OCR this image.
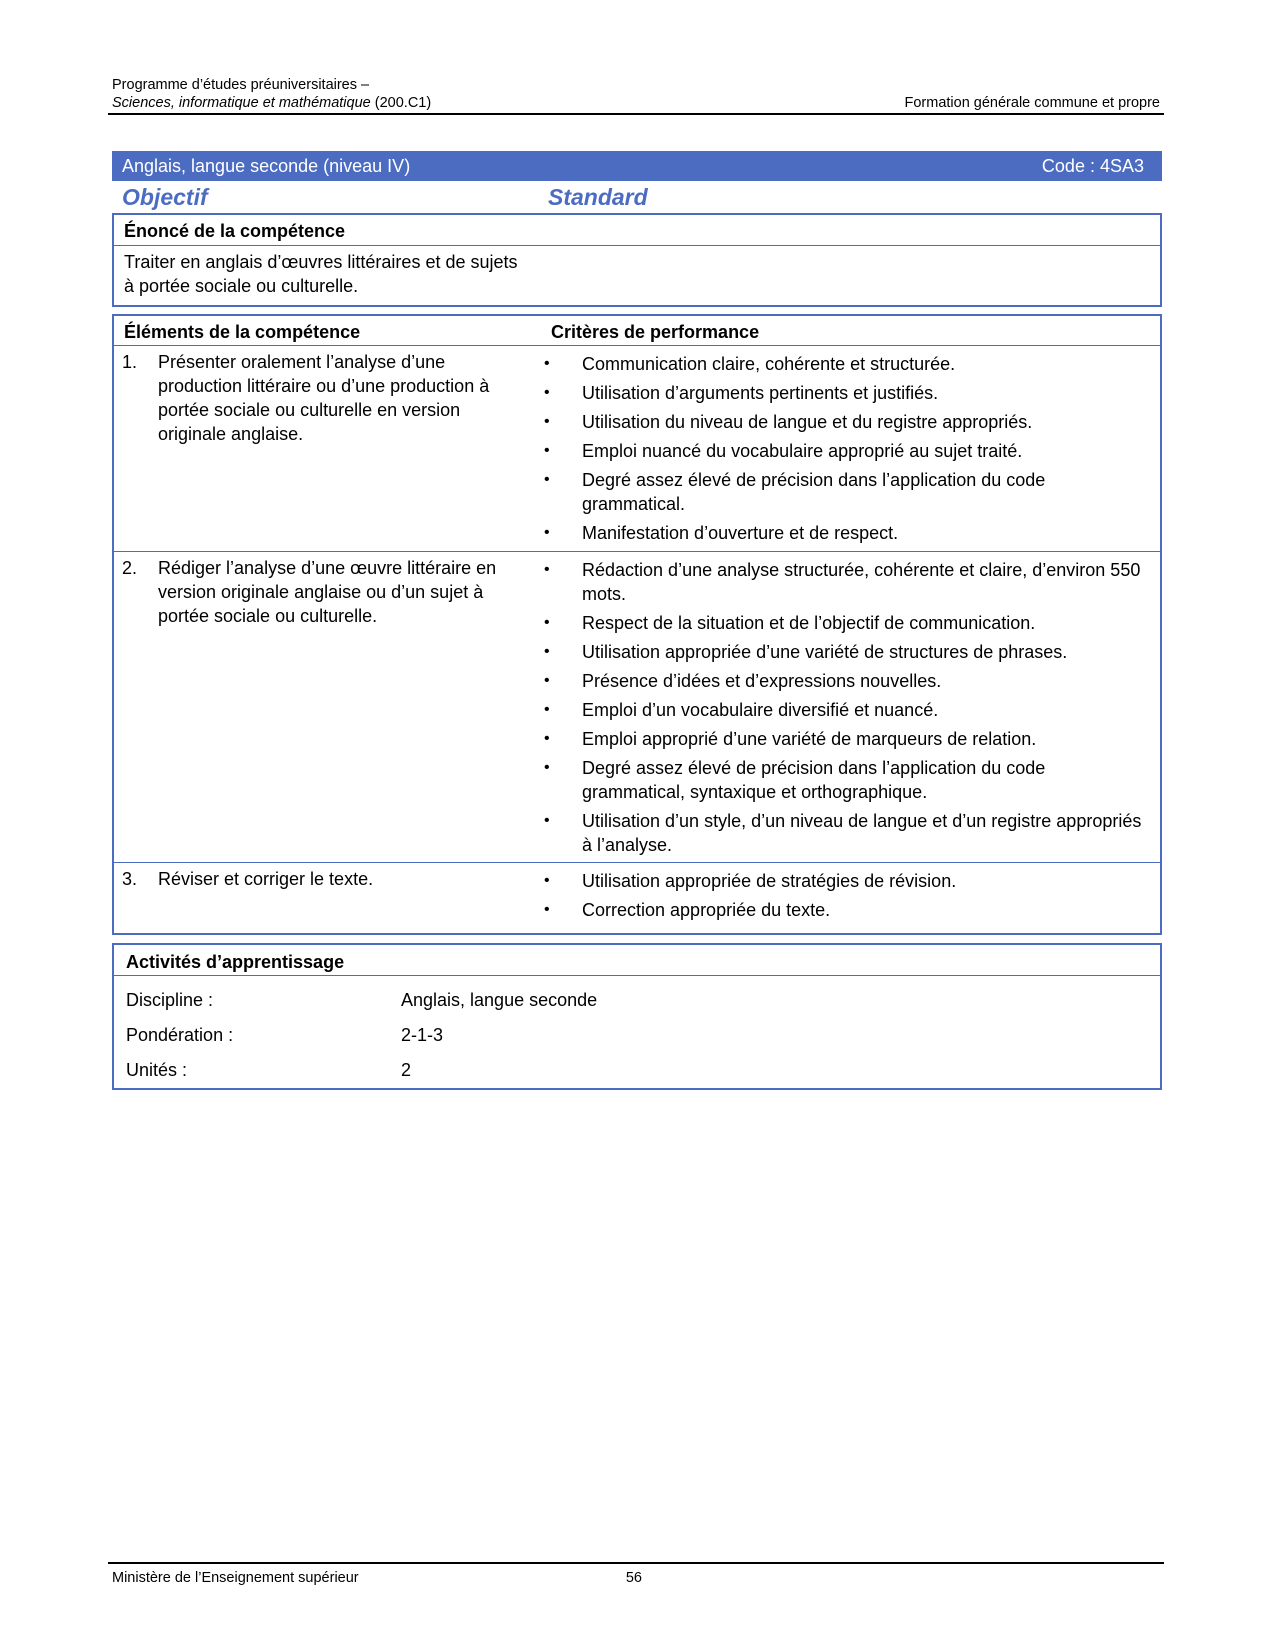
Programme d’études préuniversitaires –
Sciences, informatique et mathématique (200.C1)	Formation générale commune et propre
Anglais, langue seconde (niveau IV)	Code : 4SA3
Objectif	Standard
Énoncé de la compétence
Traiter en anglais d’œuvres littéraires et de sujets à portée sociale ou culturelle.
Éléments de la compétence	Critères de performance
1. Présenter oralement l’analyse d’une production littéraire ou d’une production à portée sociale ou culturelle en version originale anglaise.
• Communication claire, cohérente et structurée.
• Utilisation d’arguments pertinents et justifiés.
• Utilisation du niveau de langue et du registre appropriés.
• Emploi nuancé du vocabulaire approprié au sujet traité.
• Degré assez élevé de précision dans l’application du code grammatical.
• Manifestation d’ouverture et de respect.
2. Rédiger l’analyse d’une œuvre littéraire en version originale anglaise ou d’un sujet à portée sociale ou culturelle.
• Rédaction d’une analyse structurée, cohérente et claire, d’environ 550 mots.
• Respect de la situation et de l’objectif de communication.
• Utilisation appropriée d’une variété de structures de phrases.
• Présence d’idées et d’expressions nouvelles.
• Emploi d’un vocabulaire diversifié et nuancé.
• Emploi approprié d’une variété de marqueurs de relation.
• Degré assez élevé de précision dans l’application du code grammatical, syntaxique et orthographique.
• Utilisation d’un style, d’un niveau de langue et d’un registre appropriés à l’analyse.
3. Réviser et corriger le texte.	• Utilisation appropriée de stratégies de révision.
• Correction appropriée du texte.
Activités d’apprentissage
Discipline :	Anglais, langue seconde
Pondération :	2-1-3
Unités :	2
Ministère de l’Enseignement supérieur	56
